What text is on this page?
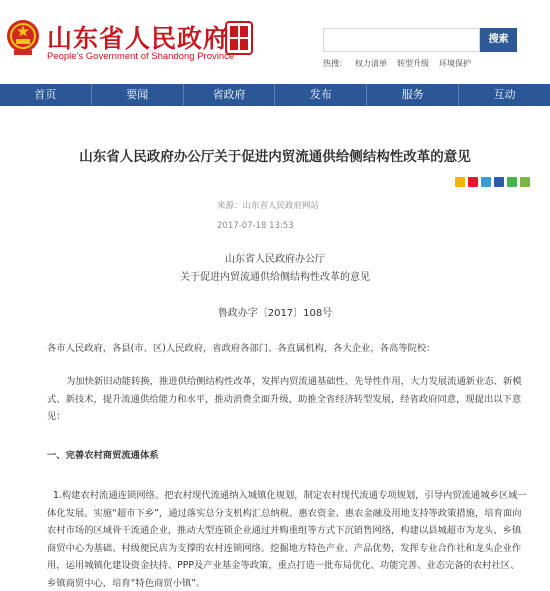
山东省人民政府
People's Government of Shandong Province
搜索
热搜： 权力清单 转型升级 环境保护
首页	要闻	省政府	发布	服务	互动
山东省人民政府办公厅关于促进内贸流通供给侧结构性改革的意见
来源：山东省人民政府网站
2017-07-18 13:53
山东省人民政府办公厅
关于促进内贸流通供给侧结构性改革的意见
鲁政办字〔2017〕108号
各市人民政府，各县(市、区)人民政府，省政府各部门、各直属机构，各大企业，各高等院校：
为加快新旧动能转换，推进供给侧结构性改革，发挥内贸流通基础性、先导性作用，大力发展流通新业态、新模式、新技术，提升流通供给能力和水平，推动消费全面升级，助推全省经济转型发展，经省政府同意，现提出以下意见：
一、完善农村商贸流通体系
1.构建农村流通连锁网络。把农村现代流通纳入城镇化规划，制定农村现代流通专项规划，引导内贸流通城乡区域一体化发展。实施“超市下乡”，通过落实总分支机构汇总纳税、惠农资金、惠农金融及用地支持等政策措施，培育面向农村市场的区域骨干流通企业，推动大型连锁企业通过并购重组等方式下沉销售网络，构建以县城超市为龙头、乡镇商贸中心为基础、村级便民店为支撑的农村连锁网络。挖掘地方特色产业、产品优势，发挥专业合作社和龙头企业作用，运用城镇化建设资金扶持、PPP及产业基金等政策，重点打造一批布局优化、功能完善、业态完备的农村社区、乡镇商贸中心，培育“特色商贸小镇”。
